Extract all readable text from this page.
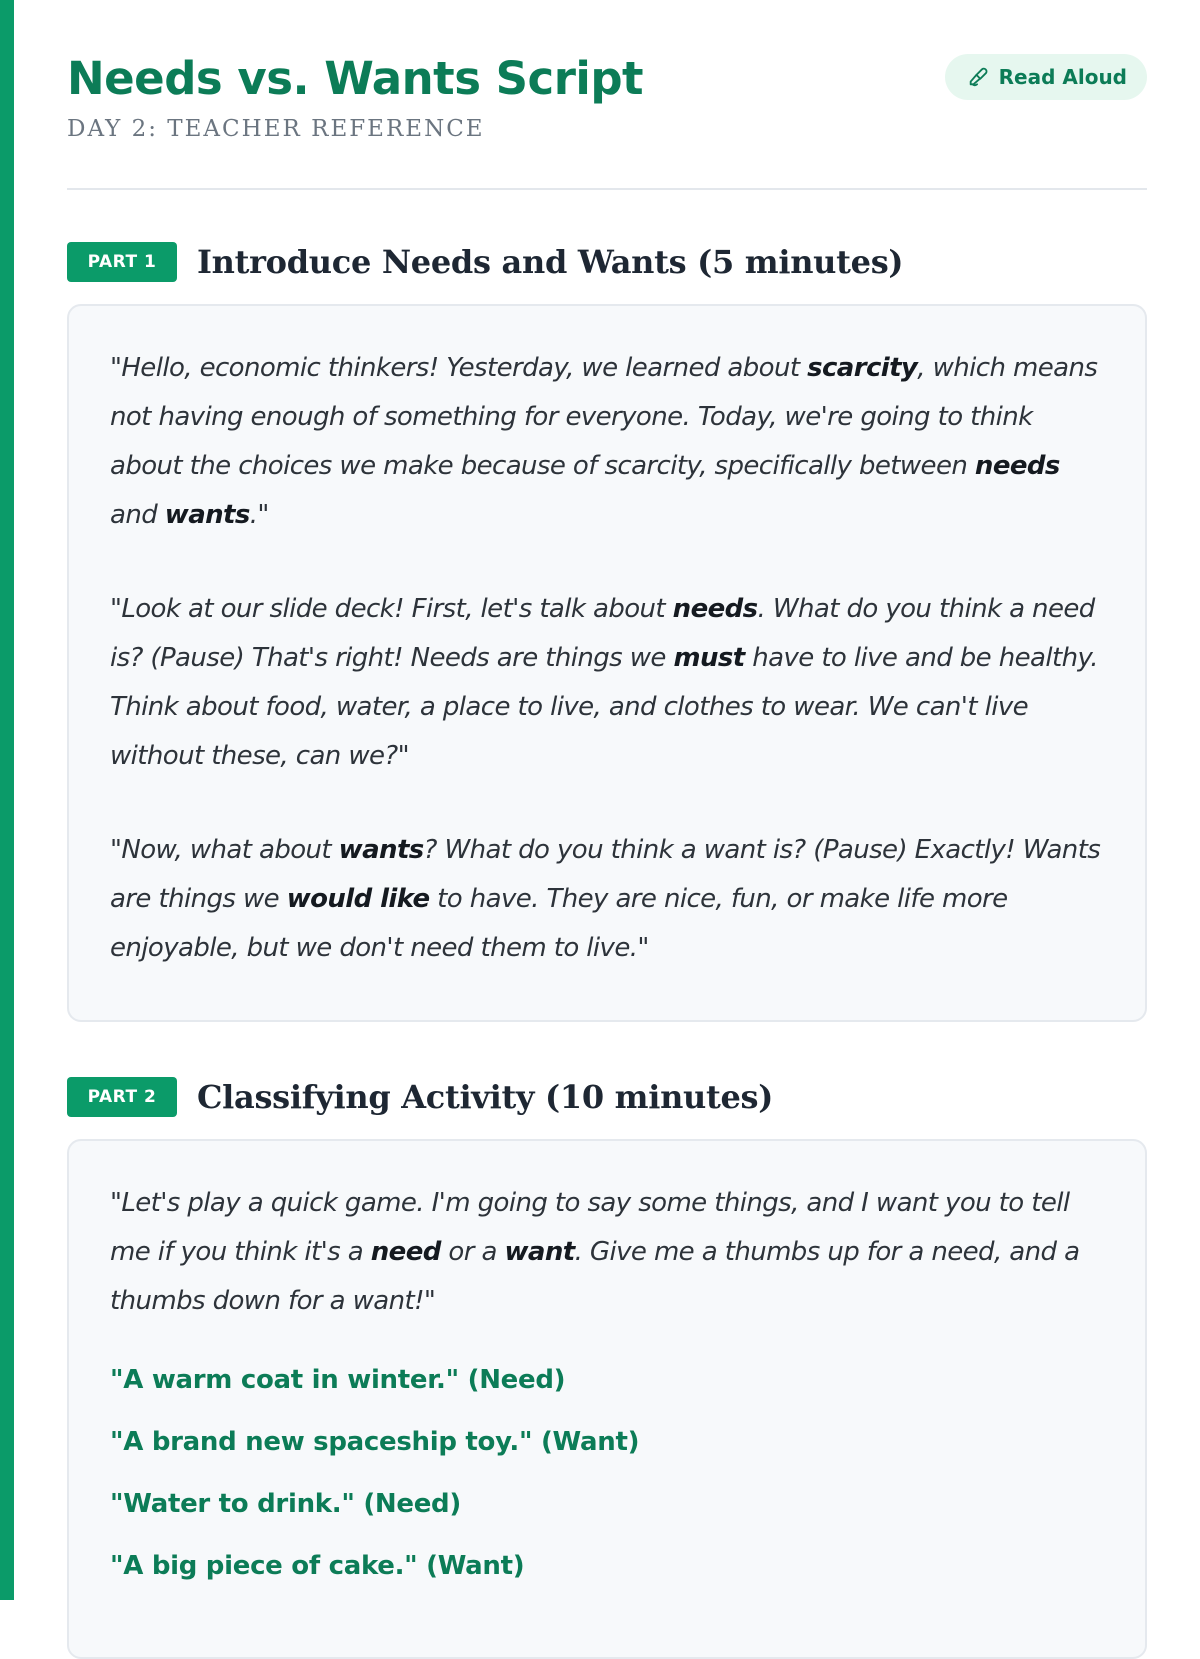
Needs vs. Wants Script
DAY 2: TEACHER REFERENCE
Read Aloud
PART 1	Introduce Needs and Wants (5 minutes)

"Hello, economic thinkers! Yesterday, we learned about scarcity, which means not having enough of something for everyone. Today, we're going to think about the choices we make because of scarcity, specifically between needs and wants."

"Look at our slide deck! First, let's talk about needs. What do you think a need is? (Pause) That's right! Needs are things we must have to live and be healthy. Think about food, water, a place to live, and clothes to wear. We can't live without these, can we?"

"Now, what about wants? What do you think a want is? (Pause) Exactly! Wants are things we would like to have. They are nice, fun, or make life more enjoyable, but we don't need them to live."

PART 2	Classifying Activity (10 minutes)

"Let's play a quick game. I'm going to say some things, and I want you to tell me if you think it's a need or a want. Give me a thumbs up for a need, and a thumbs down for a want!"

"A warm coat in winter." (Need)
"A brand new spaceship toy." (Want)
"Water to drink." (Need)
"A big piece of cake." (Want)
